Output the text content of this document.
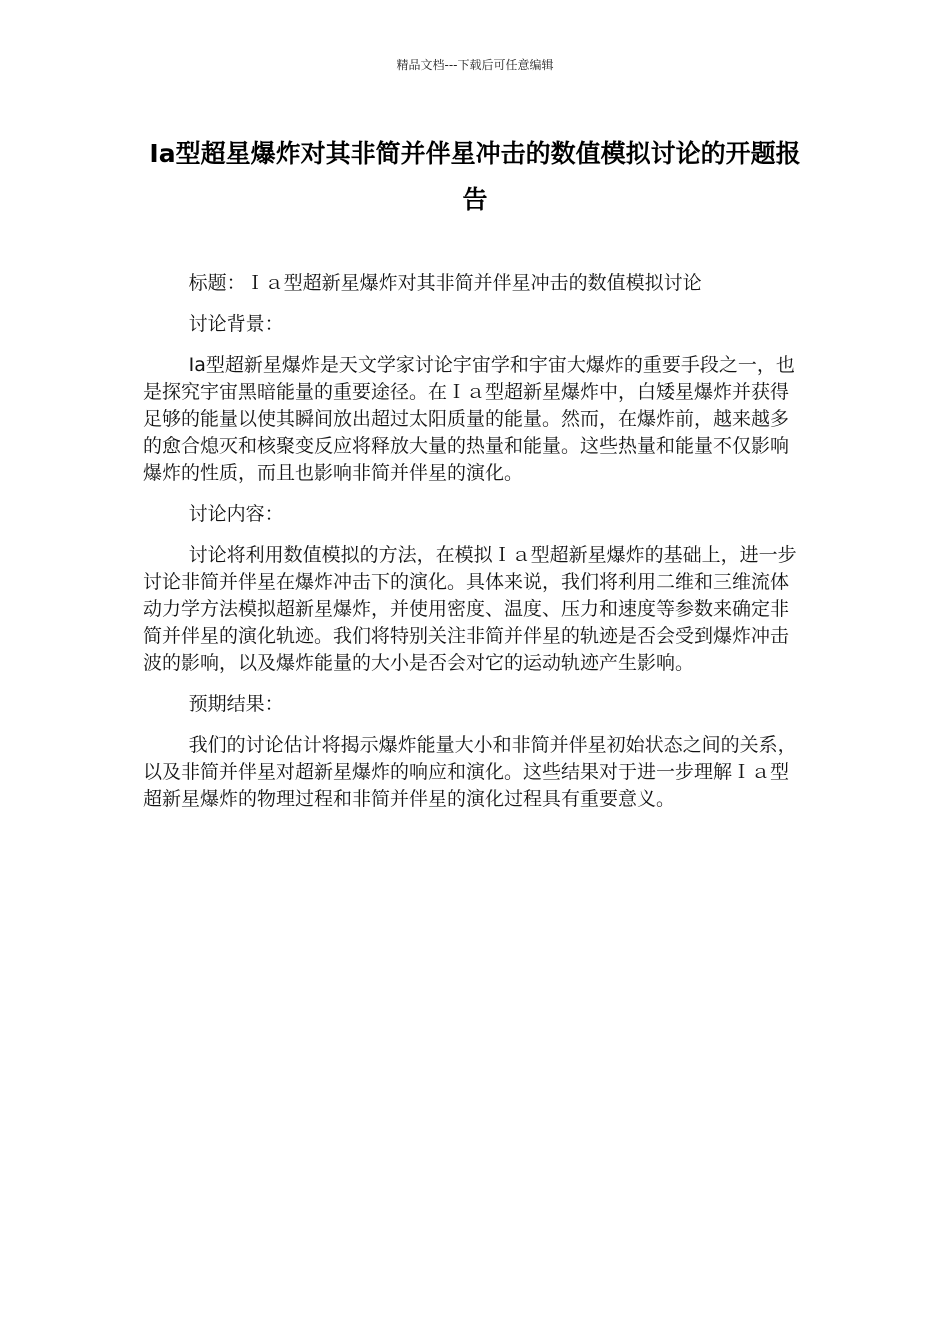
精品文档---下载后可任意编辑
Ia型超星爆炸对其非简并伴星冲击的数值模拟讨论的开题报告

标题：Ｉａ型超新星爆炸对其非简并伴星冲击的数值模拟讨论

讨论背景：

Ia型超新星爆炸是天文学家讨论宇宙学和宇宙大爆炸的重要手段之一，也是探究宇宙黑暗能量的重要途径。在Ｉａ型超新星爆炸中，白矮星爆炸并获得足够的能量以使其瞬间放出超过太阳质量的能量。然而，在爆炸前，越来越多的愈合熄灭和核聚变反应将释放大量的热量和能量。这些热量和能量不仅影响爆炸的性质，而且也影响非简并伴星的演化。

讨论内容：

讨论将利用数值模拟的方法，在模拟Ｉａ型超新星爆炸的基础上，进一步讨论非简并伴星在爆炸冲击下的演化。具体来说，我们将利用二维和三维流体动力学方法模拟超新星爆炸，并使用密度、温度、压力和速度等参数来确定非简并伴星的演化轨迹。我们将特别关注非简并伴星的轨迹是否会受到爆炸冲击波的影响，以及爆炸能量的大小是否会对它的运动轨迹产生影响。

预期结果：

我们的讨论估计将揭示爆炸能量大小和非简并伴星初始状态之间的关系，以及非简并伴星对超新星爆炸的响应和演化。这些结果对于进一步理解Ｉａ型超新星爆炸的物理过程和非简并伴星的演化过程具有重要意义。
